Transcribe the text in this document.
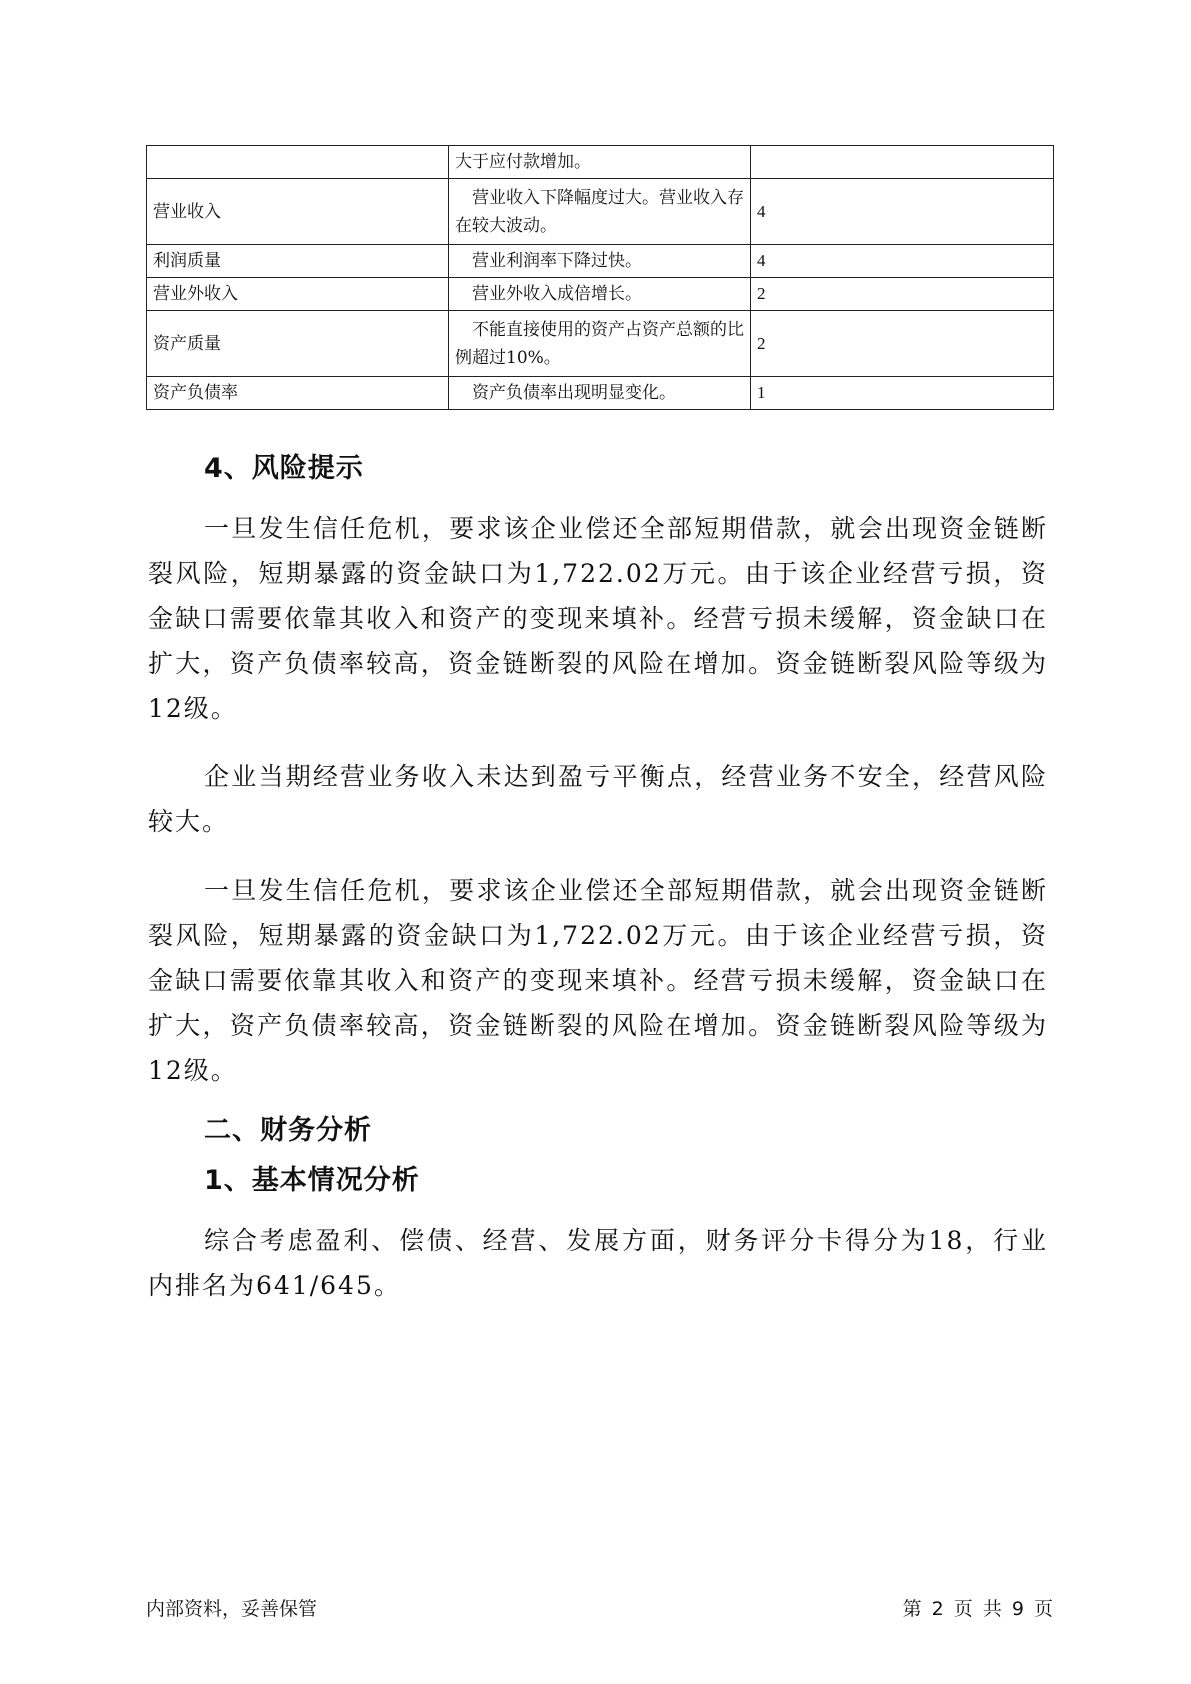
	大于应付款增加。	
营业收入	营业收入下降幅度过大。营业收入存在较大波动。	4
利润质量	营业利润率下降过快。	4
营业外收入	营业外收入成倍增长。	2
资产质量	不能直接使用的资产占资产总额的比例超过10%。	2
资产负债率	资产负债率出现明显变化。	1
4、风险提示

一旦发生信任危机，要求该企业偿还全部短期借款，就会出现资金链断裂风险，短期暴露的资金缺口为1,722.02万元。由于该企业经营亏损，资金缺口需要依靠其收入和资产的变现来填补。经营亏损未缓解，资金缺口在扩大，资产负债率较高，资金链断裂的风险在增加。资金链断裂风险等级为12级。

企业当期经营业务收入未达到盈亏平衡点，经营业务不安全，经营风险较大。

一旦发生信任危机，要求该企业偿还全部短期借款，就会出现资金链断裂风险，短期暴露的资金缺口为1,722.02万元。由于该企业经营亏损，资金缺口需要依靠其收入和资产的变现来填补。经营亏损未缓解，资金缺口在扩大，资产负债率较高，资金链断裂的风险在增加。资金链断裂风险等级为12级。

二、财务分析
1、基本情况分析

综合考虑盈利、偿债、经营、发展方面，财务评分卡得分为18，行业内排名为641/645。

内部资料，妥善保管	第 2 页 共 9 页
